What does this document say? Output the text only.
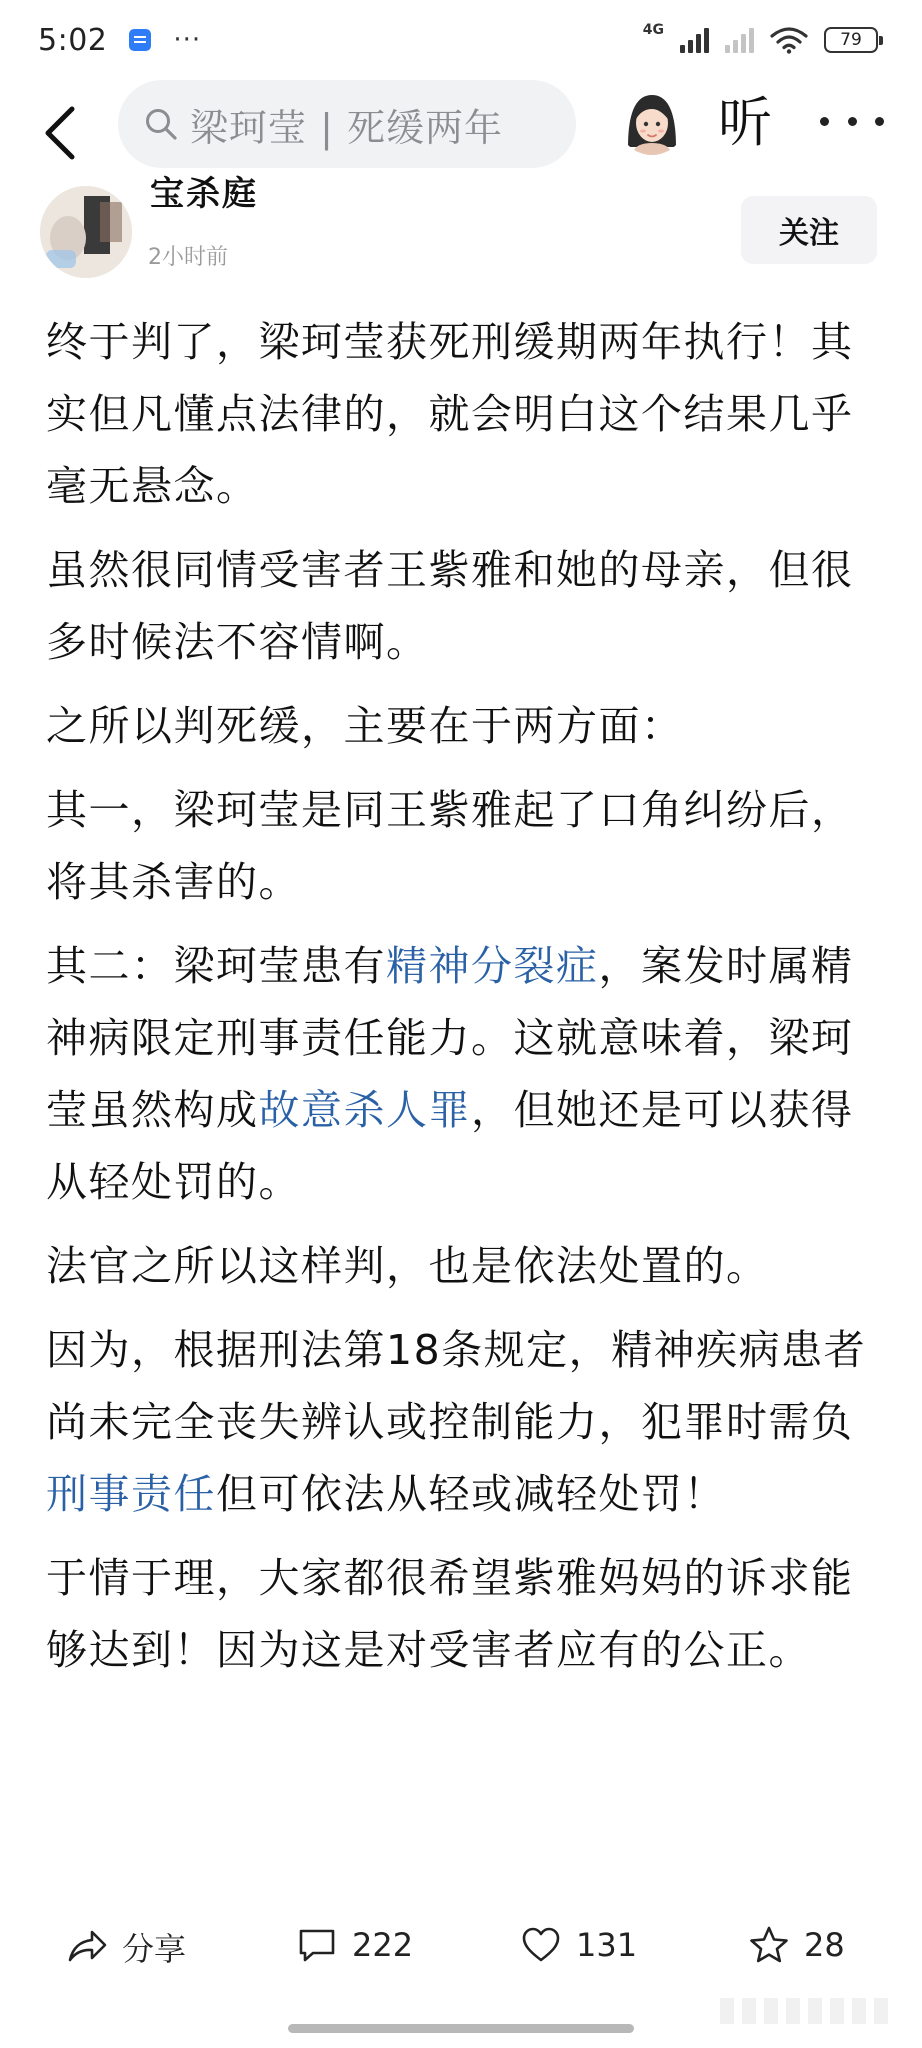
5:02	···	4G	79
梁珂莹 | 死缓两年	听
宝杀庭
2小时前
关注

终于判了，梁珂莹获死刑缓期两年执行！其实但凡懂点法律的，就会明白这个结果几乎毫无悬念。

虽然很同情受害者王紫雅和她的母亲，但很多时候法不容情啊。

之所以判死缓，主要在于两方面：

其一，梁珂莹是同王紫雅起了口角纠纷后，将其杀害的。

其二：梁珂莹患有精神分裂症，案发时属精神病限定刑事责任能力。这就意味着，梁珂莹虽然构成故意杀人罪，但她还是可以获得从轻处罚的。

法官之所以这样判，也是依法处置的。

因为，根据刑法第18条规定，精神疾病患者尚未完全丧失辨认或控制能力，犯罪时需负刑事责任但可依法从轻或减轻处罚！

于情于理，大家都很希望紫雅妈妈的诉求能够达到！因为这是对受害者应有的公正。

分享	222	131	28
